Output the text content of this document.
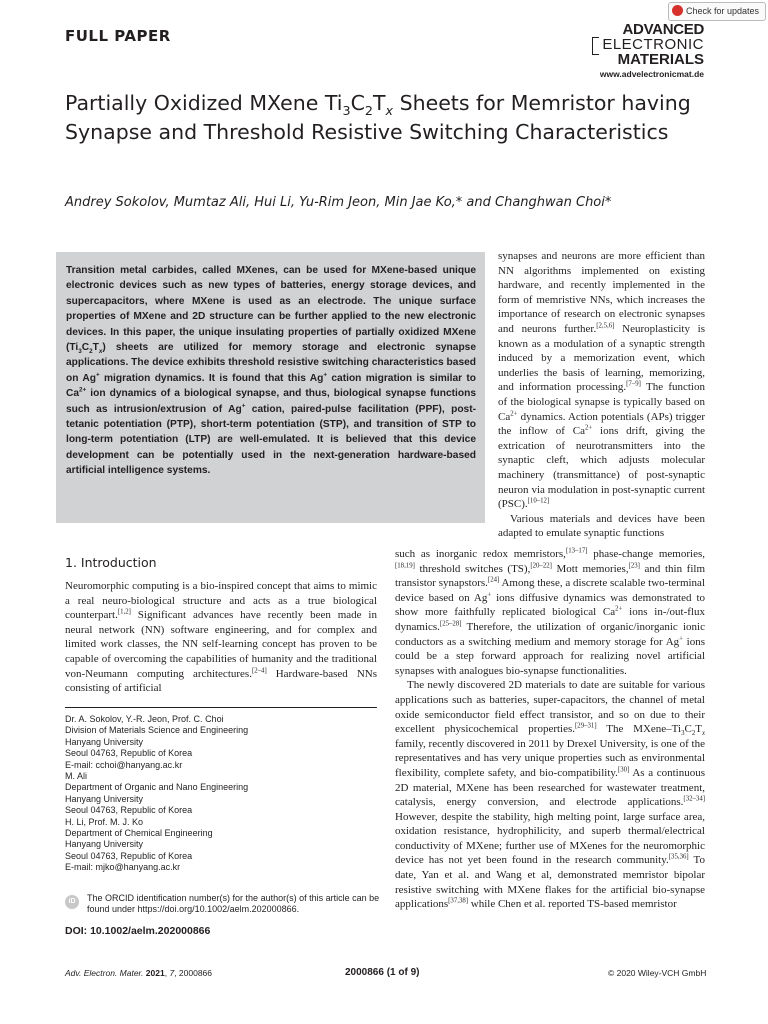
FULL PAPER
Check for updates
ADVANCED
ELECTRONIC
MATERIALS
www.advelectronicmat.de
Partially Oxidized MXene $Ti_3C_2T_x$ Sheets for Memristor having Synapse and Threshold Resistive Switching Characteristics
Andrey Sokolov, Mumtaz Ali, Hui Li, Yu-Rim Jeon, Min Jae Ko,* and Changhwan Choi*
Transition metal carbides, called MXenes, can be used for MXene-based unique electronic devices such as new types of batteries, energy storage devices, and supercapacitors, where MXene is used as an electrode. The unique surface properties of MXene and 2D structure can be further applied to the new electronic devices. In this paper, the unique insulating properties of partially oxidized MXene $(Ti_3C_2T_x)$ sheets are utilized for memory storage and electronic synapse applications. The device exhibits threshold resistive switching characteristics based on Ag+ migration dynamics. It is found that this Ag+ cation migration is similar to $Ca^{2+}$ ion dynamics of a biological synapse, and thus, biological synapse functions such as intrusion/extrusion of Ag+ cation, paired-pulse facilitation (PPF), post-tetanic potentiation (PTP), short-term potentiation (STP), and transition of STP to long-term potentiation (LTP) are well-emulated. It is believed that this device development can be potentially used in the next-generation hardware-based artificial intelligence systems.
synapses and neurons are more efficient than NN algorithms implemented on existing hardware, and recently implemented in the form of memristive NNs, which increases the importance of research on electronic synapses and neurons further.[2,5,6] Neuroplasticity is known as a modulation of a synaptic strength induced by a memorization event, which underlies the basis of learning, memorizing, and information processing.[7–9] The function of the biological synapse is typically based on $Ca^{2+}$ dynamics. Action potentials (APs) trigger the inflow of $Ca^{2+}$ ions drift, giving the extrication of neurotransmitters into the synaptic cleft, which adjusts molecular machinery (transmittance) of post-synaptic neuron via modulation in post-synaptic current (PSC).[10–12]
Various materials and devices have been adapted to emulate synaptic functions

such as inorganic redox memristors,[13–17] phase-change memories,[18,19] threshold switches (TS),[20–22] Mott memories,[23] and thin film transistor synapstors.[24] Among these, a discrete scalable two-terminal device based on Ag+ ions diffusive dynamics was demonstrated to show more faithfully replicated biological $Ca^{2+}$ ions in-/out-flux dynamics.[25–28] Therefore, the utilization of organic/inorganic ionic conductors as a switching medium and memory storage for Ag+ ions could be a step forward approach for realizing novel artificial synapses with analogues bio-synapse functionalities.

The newly discovered 2D materials to date are suitable for various applications such as batteries, super-capacitors, the channel of metal oxide semiconductor field effect transistor, and so on due to their excellent physicochemical properties.[29–31] The MXene–$Ti_3C_2T_x$ family, recently discovered in 2011 by Drexel University, is one of the representatives and has very unique properties such as environmental flexibility, complete safety, and bio-compatibility.[30] As a continuous 2D material, MXene has been researched for wastewater treatment, catalysis, energy conversion, and electrode applications.[32–34] However, despite the stability, high melting point, large surface area, oxidation resistance, hydrophilicity, and superb thermal/electrical conductivity of MXene; further use of MXenes for the neuromorphic device has not yet been found in the research community.[35,36] To date, Yan et al. and Wang et al, demonstrated memristor bipolar resistive switching with MXene flakes for the artificial bio-synapse applications[37,38] while Chen et al. reported TS-based memristor

1. Introduction
Neuromorphic computing is a bio-inspired concept that aims to mimic a real neuro-biological structure and acts as a true biological counterpart.[1,2] Significant advances have recently been made in neural network (NN) software engineering, and for complex and limited work classes, the NN self-learning concept has proven to be capable of overcoming the capabilities of humanity and the traditional von-Neumann computing architectures.[2–4] Hardware-based NNs consisting of artificial
Dr. A. Sokolov, Y.-R. Jeon, Prof. C. Choi
Division of Materials Science and Engineering
Hanyang University
Seoul 04763, Republic of Korea
E-mail: cchoi@hanyang.ac.kr
M. Ali
Department of Organic and Nano Engineering
Hanyang University
Seoul 04763, Republic of Korea
H. Li, Prof. M. J. Ko
Department of Chemical Engineering
Hanyang University
Seoul 04763, Republic of Korea
E-mail: mjko@hanyang.ac.kr
iD	The ORCID identification number(s) for the author(s) of this article can be found under https://doi.org/10.1002/aelm.202000866.
DOI: 10.1002/aelm.202000866
Adv. Electron. Mater. 2021, 7, 2000866	2000866 (1 of 9)	© 2020 Wiley-VCH GmbH
